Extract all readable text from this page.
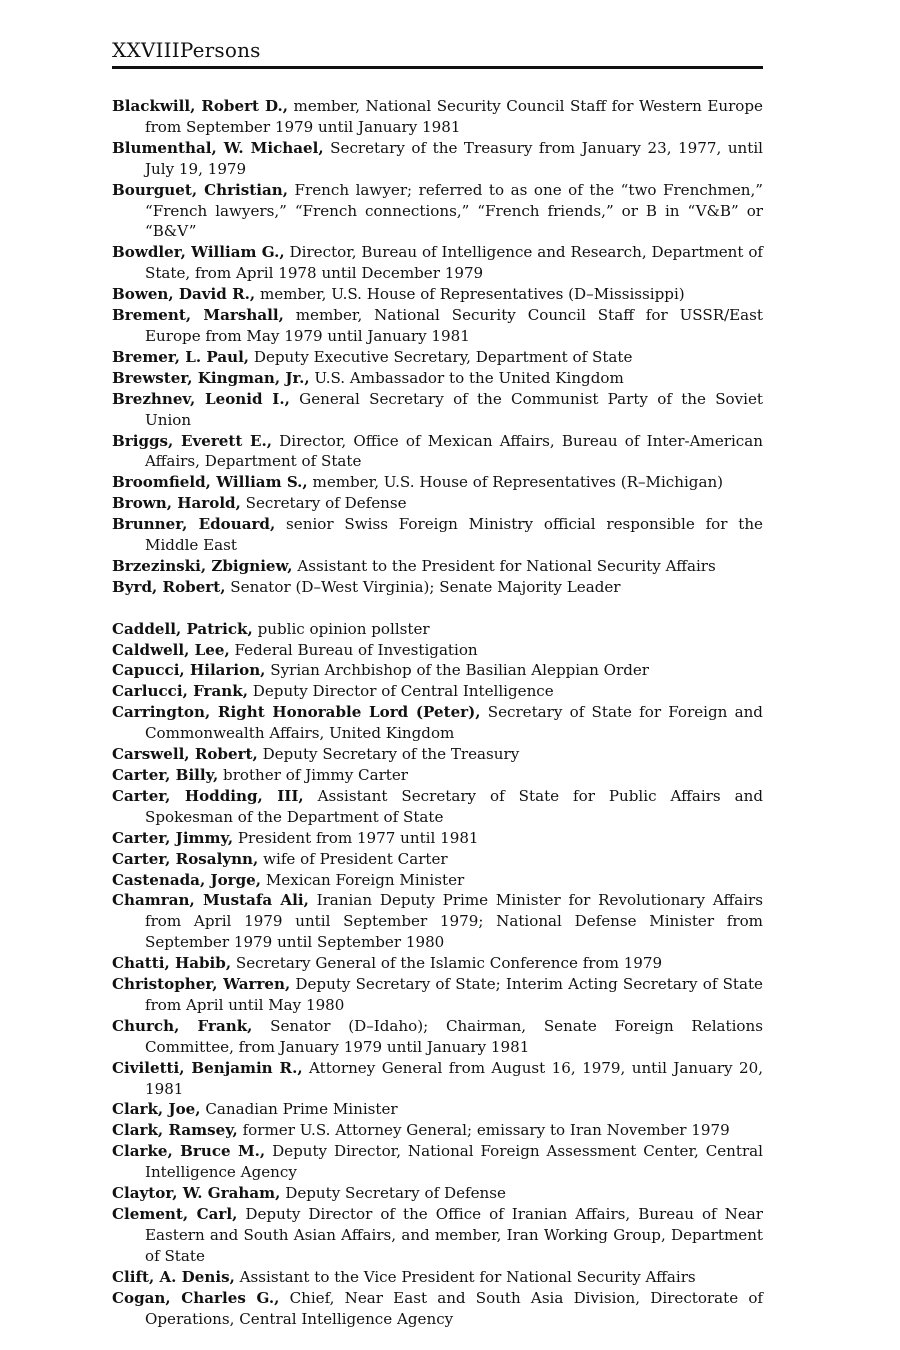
XXVIIIPersons
Blackwill, Robert D., member, National Security Council Staff for Western Europe from September 1979 until January 1981
Blumenthal, W. Michael, Secretary of the Treasury from January 23, 1977, until July 19, 1979
Bourguet, Christian, French lawyer; referred to as one of the “two Frenchmen,” “French lawyers,” “French connections,” “French friends,” or B in “V&B” or “B&V”
Bowdler, William G., Director, Bureau of Intelligence and Research, Department of State, from April 1978 until December 1979
Bowen, David R., member, U.S. House of Representatives (D–Mississippi)
Brement, Marshall, member, National Security Council Staff for USSR/East Europe from May 1979 until January 1981
Bremer, L. Paul, Deputy Executive Secretary, Department of State
Brewster, Kingman, Jr., U.S. Ambassador to the United Kingdom
Brezhnev, Leonid I., General Secretary of the Communist Party of the Soviet Union
Briggs, Everett E., Director, Office of Mexican Affairs, Bureau of Inter-American Affairs, Department of State
Broomfield, William S., member, U.S. House of Representatives (R–Michigan)
Brown, Harold, Secretary of Defense
Brunner, Edouard, senior Swiss Foreign Ministry official responsible for the Middle East
Brzezinski, Zbigniew, Assistant to the President for National Security Affairs
Byrd, Robert, Senator (D–West Virginia); Senate Majority Leader
Caddell, Patrick, public opinion pollster
Caldwell, Lee, Federal Bureau of Investigation
Capucci, Hilarion, Syrian Archbishop of the Basilian Aleppian Order
Carlucci, Frank, Deputy Director of Central Intelligence
Carrington, Right Honorable Lord (Peter), Secretary of State for Foreign and Commonwealth Affairs, United Kingdom
Carswell, Robert, Deputy Secretary of the Treasury
Carter, Billy, brother of Jimmy Carter
Carter, Hodding, III, Assistant Secretary of State for Public Affairs and Spokesman of the Department of State
Carter, Jimmy, President from 1977 until 1981
Carter, Rosalynn, wife of President Carter
Castenada, Jorge, Mexican Foreign Minister
Chamran, Mustafa Ali, Iranian Deputy Prime Minister for Revolutionary Affairs from April 1979 until September 1979; National Defense Minister from September 1979 until September 1980
Chatti, Habib, Secretary General of the Islamic Conference from 1979
Christopher, Warren, Deputy Secretary of State; Interim Acting Secretary of State from April until May 1980
Church, Frank, Senator (D–Idaho); Chairman, Senate Foreign Relations Committee, from January 1979 until January 1981
Civiletti, Benjamin R., Attorney General from August 16, 1979, until January 20, 1981
Clark, Joe, Canadian Prime Minister
Clark, Ramsey, former U.S. Attorney General; emissary to Iran November 1979
Clarke, Bruce M., Deputy Director, National Foreign Assessment Center, Central Intelligence Agency
Claytor, W. Graham, Deputy Secretary of Defense
Clement, Carl, Deputy Director of the Office of Iranian Affairs, Bureau of Near Eastern and South Asian Affairs, and member, Iran Working Group, Department of State
Clift, A. Denis, Assistant to the Vice President for National Security Affairs
Cogan, Charles G., Chief, Near East and South Asia Division, Directorate of Operations, Central Intelligence Agency
